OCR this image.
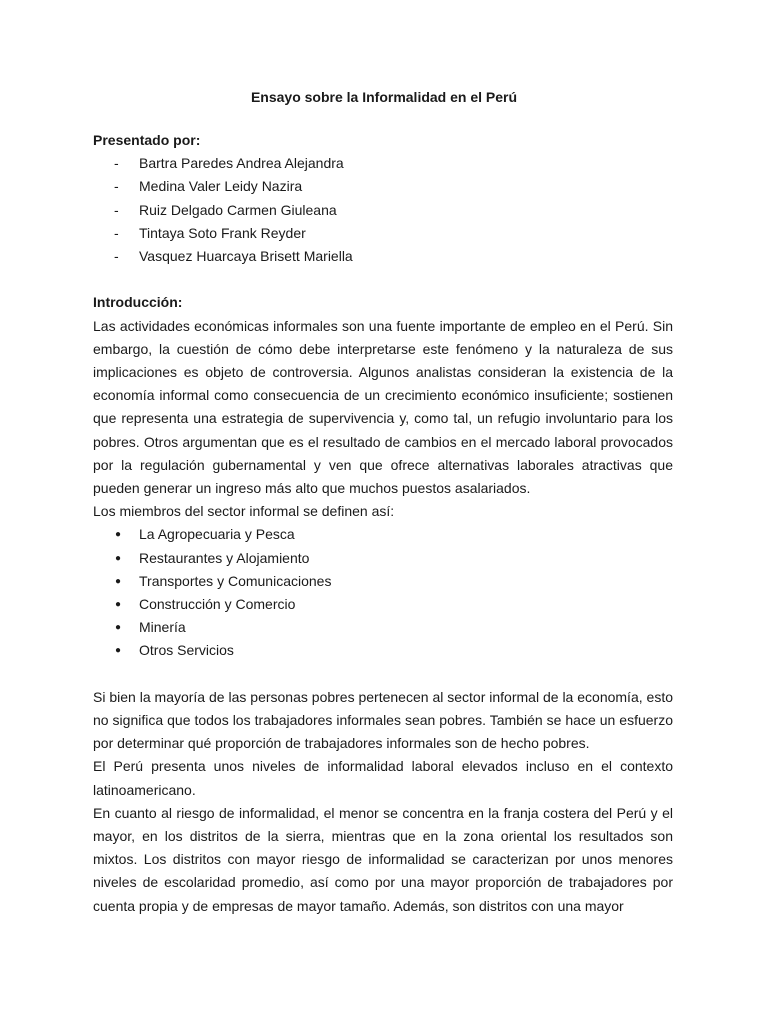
Ensayo sobre la Informalidad en el Perú
Presentado por:
- Bartra Paredes Andrea Alejandra
- Medina Valer Leidy Nazira
- Ruiz Delgado Carmen Giuleana
- Tintaya Soto Frank Reyder
- Vasquez Huarcaya Brisett Mariella
Introducción:

Las actividades económicas informales son una fuente importante de empleo en el Perú. Sin embargo, la cuestión de cómo debe interpretarse este fenómeno y la naturaleza de sus implicaciones es objeto de controversia. Algunos analistas consideran la existencia de la economía informal como consecuencia de un crecimiento económico insuficiente; sostienen que representa una estrategia de supervivencia y, como tal, un refugio involuntario para los pobres. Otros argumentan que es el resultado de cambios en el mercado laboral provocados por la regulación gubernamental y ven que ofrece alternativas laborales atractivas que pueden generar un ingreso más alto que muchos puestos asalariados.

Los miembros del sector informal se definen así:

● La Agropecuaria y Pesca
● Restaurantes y Alojamiento
● Transportes y Comunicaciones
● Construcción y Comercio
● Minería
● Otros Servicios

Si bien la mayoría de las personas pobres pertenecen al sector informal de la economía, esto no significa que todos los trabajadores informales sean pobres. También se hace un esfuerzo por determinar qué proporción de trabajadores informales son de hecho pobres.

El Perú presenta unos niveles de informalidad laboral elevados incluso en el contexto latinoamericano.

En cuanto al riesgo de informalidad, el menor se concentra en la franja costera del Perú y el mayor, en los distritos de la sierra, mientras que en la zona oriental los resultados son mixtos. Los distritos con mayor riesgo de informalidad se caracterizan por unos menores niveles de escolaridad promedio, así como por una mayor proporción de trabajadores por cuenta propia y de empresas de mayor tamaño. Además, son distritos con una mayor
